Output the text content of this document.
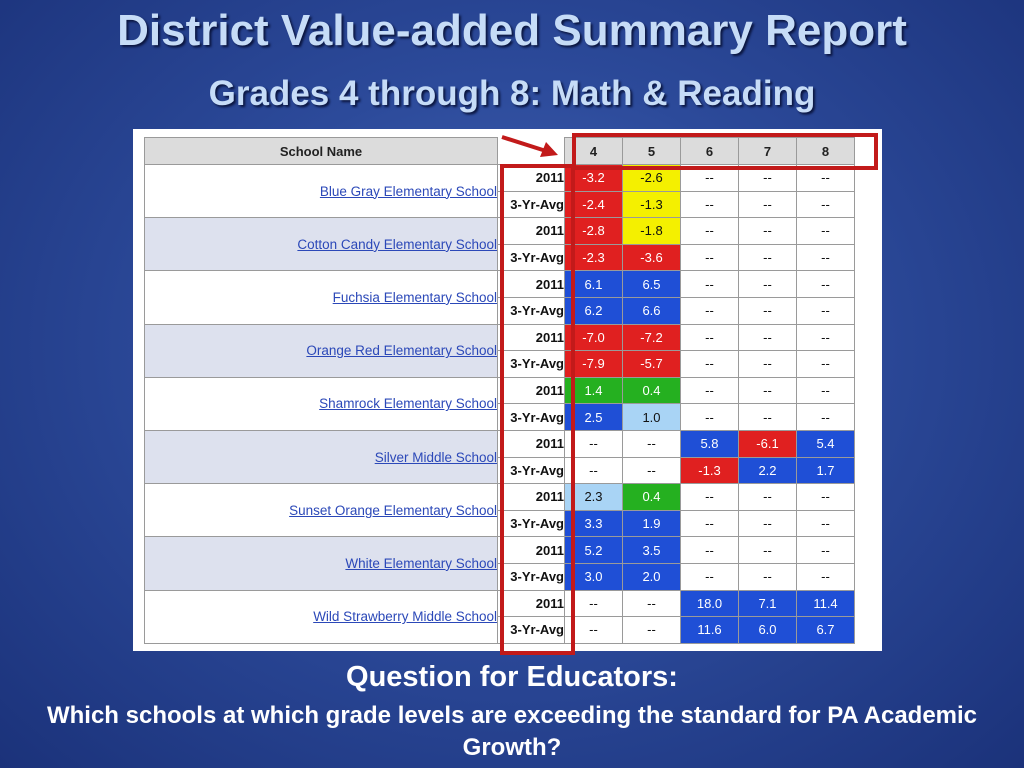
District Value-added Summary Report
Grades 4 through 8: Math & Reading
School Name		4	5	6	7	8
Blue Gray Elementary School	2011	-3.2	-2.6	--	--	--
	3-Yr-Avg	-2.4	-1.3	--	--	--
Cotton Candy Elementary School	2011	-2.8	-1.8	--	--	--
	3-Yr-Avg	-2.3	-3.6	--	--	--
Fuchsia Elementary School	2011	6.1	6.5	--	--	--
	3-Yr-Avg	6.2	6.6	--	--	--
Orange Red Elementary School	2011	-7.0	-7.2	--	--	--
	3-Yr-Avg	-7.9	-5.7	--	--	--
Shamrock Elementary School	2011	1.4	0.4	--	--	--
	3-Yr-Avg	2.5	1.0	--	--	--
Silver Middle School	2011	--	--	5.8	-6.1	5.4
	3-Yr-Avg	--	--	-1.3	2.2	1.7
Sunset Orange Elementary School	2011	2.3	0.4	--	--	--
	3-Yr-Avg	3.3	1.9	--	--	--
White Elementary School	2011	5.2	3.5	--	--	--
	3-Yr-Avg	3.0	2.0	--	--	--
Wild Strawberry Middle School	2011	--	--	18.0	7.1	11.4
	3-Yr-Avg	--	--	11.6	6.0	6.7
Question for Educators:
Which schools at which grade levels are exceeding the standard for PA Academic Growth?
